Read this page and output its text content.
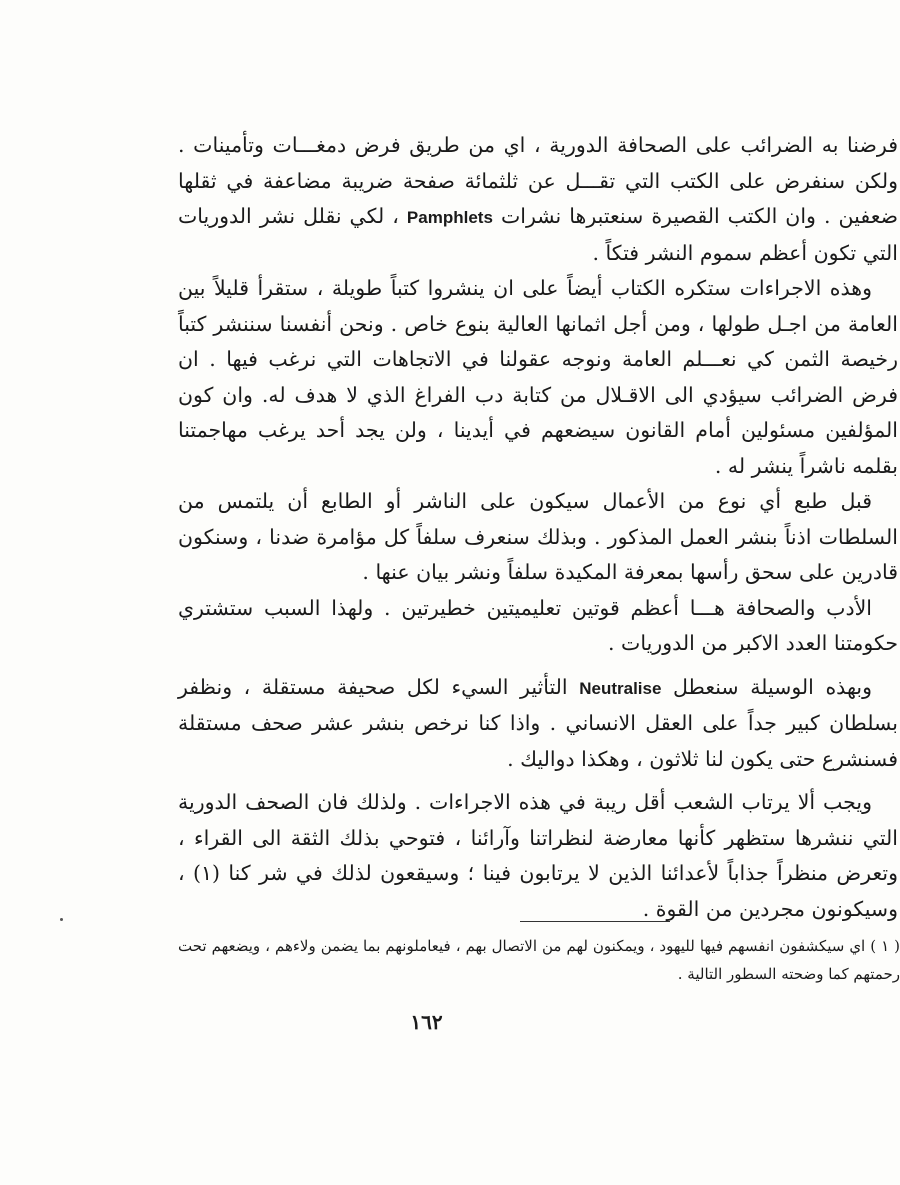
فرضنا به الضرائب على الصحافة الدورية ، اي من طريق فرض دمغـــات وتأمينات . ولكن سنفرض على الكتب التي تقـــل عن ثلثمائة صفحة ضريبة مضاعفة في ثقلها ضعفين . وان الكتب القصيرة سنعتبرها نشرات Pamphlets ، لكي نقلل نشر الدوريات التي تكون أعظم سموم النشر فتكاً .

وهذه الاجراءات ستكره الكتاب أيضاً على ان ينشروا كتباً طويلة ، ستقرأ قليلاً بين العامة من اجـل طولها ، ومن أجل اثمانها العالية بنوع خاص . ونحن أنفسنا سننشر كتباً رخيصة الثمن كي نعـــلم العامة ونوجه عقولنا في الاتجاهات التي نرغب فيها . ان فرض الضرائب سيؤدي الى الاقـلال من كتابة دب الفراغ الذي لا هدف له. وان كون المؤلفين مسئولين أمام القانون سيضعهم في أيدينا ، ولن يجد أحد يرغب مهاجمتنا بقلمه ناشراً ينشر له .

قبل طبع أي نوع من الأعمال سيكون على الناشر أو الطابع أن يلتمس من السلطات اذناً بنشر العمل المذكور . وبذلك سنعرف سلفاً كل مؤامرة ضدنا ، وسنكون قادرين على سحق رأسها بمعرفة المكيدة سلفاً ونشر بيان عنها .

الأدب والصحافة هـــا أعظم قوتين تعليميتين خطيرتين . ولهذا السبب ستشتري حكومتنا العدد الاكبر من الدوريات .

وبهذه الوسيلة سنعطل Neutralise التأثير السيء لكل صحيفة مستقلة ، ونظفر بسلطان كبير جداً على العقل الانساني . واذا كنا نرخص بنشر عشر صحف مستقلة فسنشرع حتى يكون لنا ثلاثون ، وهكذا دواليك .

ويجب ألا يرتاب الشعب أقل ريبة في هذه الاجراءات . ولذلك فان الصحف الدورية التي ننشرها ستظهر كأنها معارضة لنظراتنا وآرائنا ، فتوحي بذلك الثقة الى القراء ، وتعرض منظراً جذاباً لأعدائنا الذين لا يرتابون فينا ؛ وسيقعون لذلك في شر كنا (١) ، وسيكونون مجردين من القوة .

( ١ ) اي سيكشفون انفسهم فيها لليهود ، ويمكنون لهم من الاتصال بهم ، فيعاملونهم بما يضمن ولاءهم ، ويضعهم تحت رحمتهم كما وضحته السطور التالية .

١٦٢
